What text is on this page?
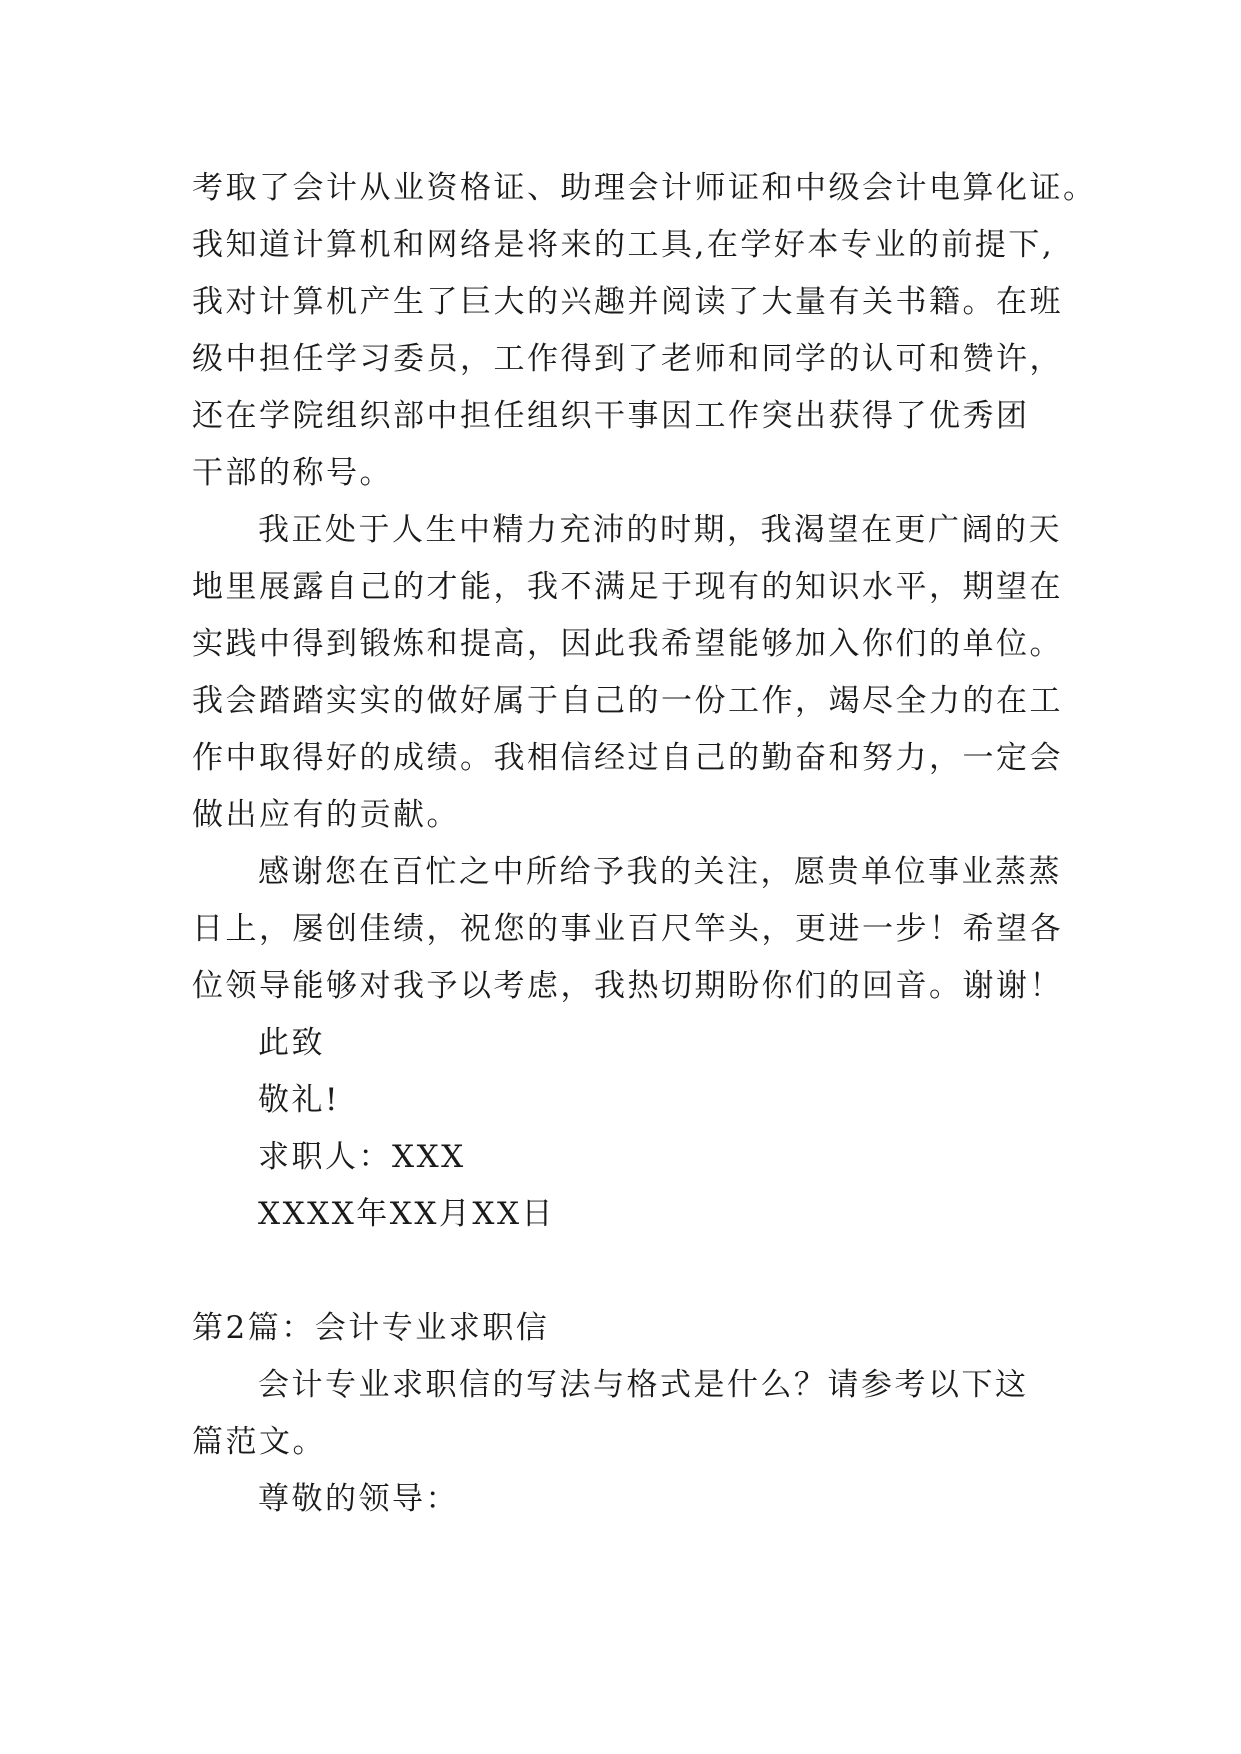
考取了会计从业资格证、助理会计师证和中级会计电算化证。
我知道计算机和网络是将来的工具,在学好本专业的前提下,
我对计算机产生了巨大的兴趣并阅读了大量有关书籍。在班
级中担任学习委员，工作得到了老师和同学的认可和赞许，
还在学院组织部中担任组织干事因工作突出获得了优秀团
干部的称号。
我正处于人生中精力充沛的时期，我渴望在更广阔的天
地里展露自己的才能，我不满足于现有的知识水平，期望在
实践中得到锻炼和提高，因此我希望能够加入你们的单位。
我会踏踏实实的做好属于自己的一份工作，竭尽全力的在工
作中取得好的成绩。我相信经过自己的勤奋和努力，一定会
做出应有的贡献。
感谢您在百忙之中所给予我的关注，愿贵单位事业蒸蒸
日上，屡创佳绩，祝您的事业百尺竿头，更进一步！希望各
位领导能够对我予以考虑，我热切期盼你们的回音。谢谢！
此致
敬礼!
求职人：XXX
XXXX年XX月XX日
第2篇：会计专业求职信
会计专业求职信的写法与格式是什么？请参考以下这
篇范文。
尊敬的领导：
